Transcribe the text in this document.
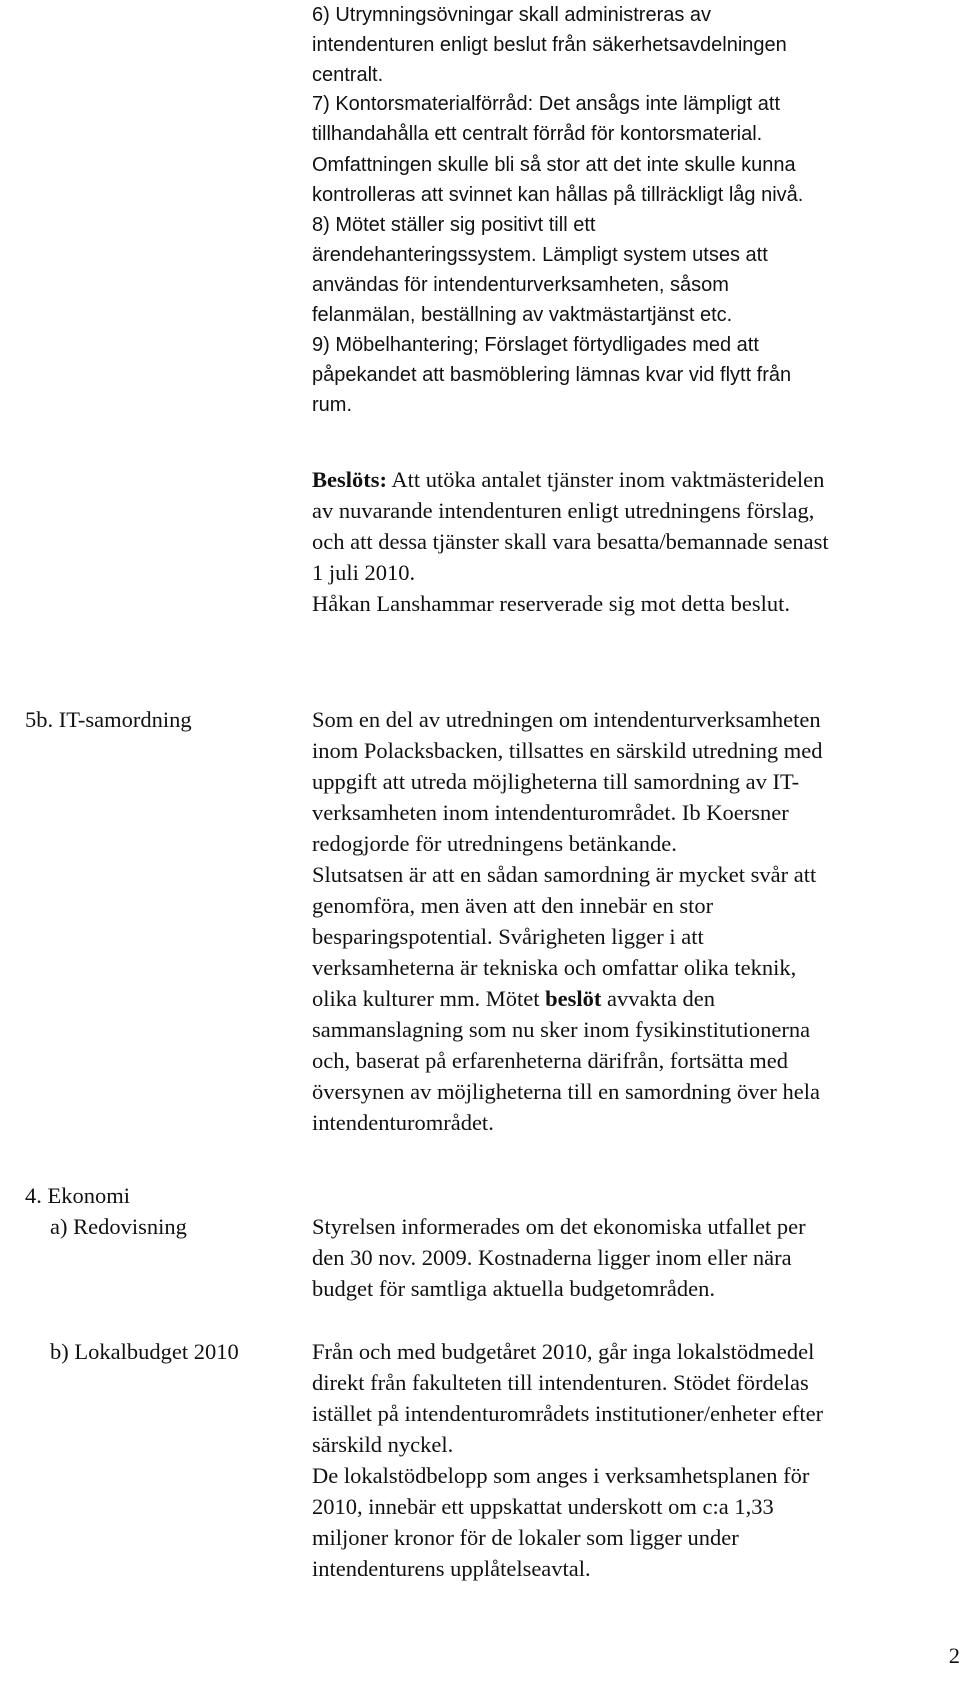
6) Utrymningsövningar skall administreras av

intendenturen enligt beslut från säkerhetsavdelningen

centralt.

7) Kontorsmaterialförråd: Det ansågs inte lämpligt att

tillhandahålla ett centralt förråd för kontorsmaterial.

Omfattningen skulle bli så stor att det inte skulle kunna

kontrolleras att svinnet kan hållas på tillräckligt låg nivå.

8) Mötet ställer sig positivt till ett

ärendehanteringssystem. Lämpligt system utses att

användas för intendenturverksamheten, såsom

felanmälan, beställning av vaktmästartjänst etc.

9) Möbelhantering; Förslaget förtydligades med att

påpekandet att basmöblering lämnas kvar vid flytt från

rum.

Beslöts: Att utöka antalet tjänster inom vaktmästeridelen

av nuvarande intendenturen enligt utredningens förslag,

och att dessa tjänster skall vara besatta/bemannade senast

1 juli 2010.

Håkan Lanshammar reserverade sig mot detta beslut.

5b. IT-samordning	Som en del av utredningen om intendenturverksamheten

inom Polacksbacken, tillsattes en särskild utredning med

uppgift att utreda möjligheterna till samordning av IT-

verksamheten inom intendenturområdet. Ib Koersner

redogjorde för utredningens betänkande.

Slutsatsen är att en sådan samordning är mycket svår att

genomföra, men även att den innebär en stor

besparingspotential. Svårigheten ligger i att

verksamheterna är tekniska och omfattar olika teknik,

olika kulturer mm. Mötet beslöt avvakta den

sammanslagning som nu sker inom fysikinstitutionerna

och, baserat på erfarenheterna därifrån, fortsätta med

översynen av möjligheterna till en samordning över hela

intendenturområdet.

4. Ekonomi
a) Redovisning	Styrelsen informerades om det ekonomiska utfallet per

den 30 nov. 2009. Kostnaderna ligger inom eller nära

budget för samtliga aktuella budgetområden.

b) Lokalbudget 2010	Från och med budgetåret 2010, går inga lokalstödmedel

direkt från fakulteten till intendenturen. Stödet fördelas

istället på intendenturområdets institutioner/enheter efter

särskild nyckel.

De lokalstödbelopp som anges i verksamhetsplanen för

2010, innebär ett uppskattat underskott om c:a 1,33

miljoner kronor för de lokaler som ligger under

intendenturens upplåtelseavtal.

2
